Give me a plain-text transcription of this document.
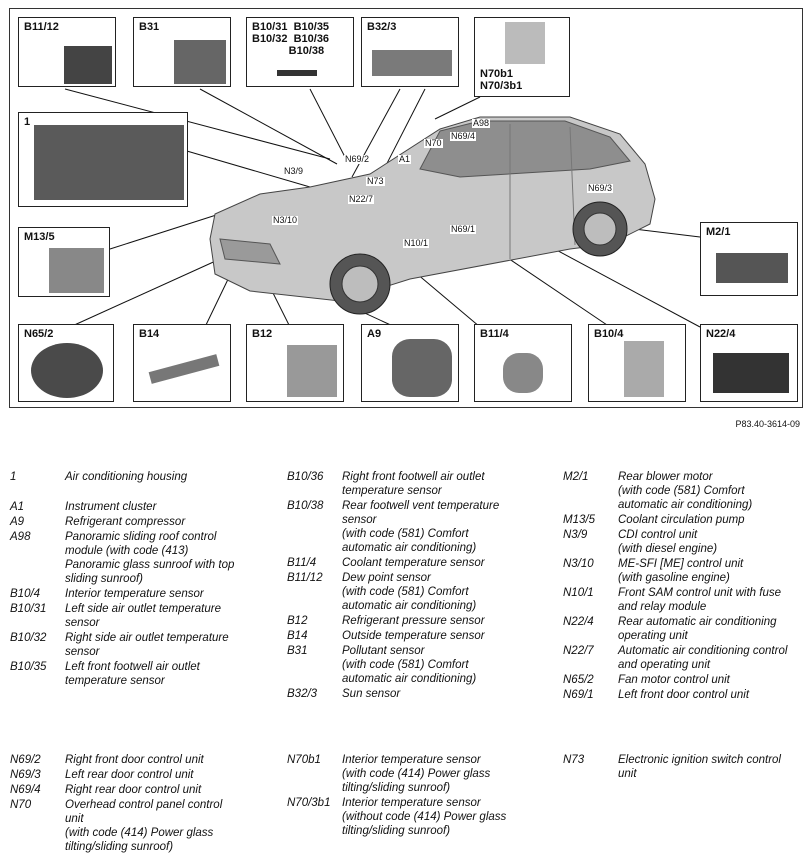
B11/12	B31	B10/31  B10/35
B10/32  B10/36
B10/38
B32/3
N70b1
N70/3b1
1
M13/5	M2/1
N65/2	B14	B12	A9	B11/4	B10/4	N22/4
A98
N69/4
N70
N69/2	A1
N3/9
N73
N22/7
N69/3
N3/10
N69/1
N10/1
P83.40-3614-09
1	Air conditioning housing
A1	Instrument cluster
A9	Refrigerant compressor
A98	Panoramic sliding roof control
module (with code (413)
Panoramic glass sunroof with top
sliding sunroof)
B10/4	Interior temperature sensor
B10/31	Left side air outlet temperature
sensor
B10/32	Right side air outlet temperature
sensor
B10/35	Left front footwell air outlet
temperature sensor
B10/36	Right front footwell air outlet
temperature sensor
B10/38	Rear footwell vent temperature
sensor
(with code (581) Comfort
automatic air conditioning)
B11/4	Coolant temperature sensor
B11/12	Dew point sensor
(with code (581) Comfort
automatic air conditioning)
B12	Refrigerant pressure sensor
B14	Outside temperature sensor
B31	Pollutant sensor
(with code (581) Comfort
automatic air conditioning)
B32/3	Sun sensor
M2/1	Rear blower motor
(with code (581) Comfort
automatic air conditioning)
M13/5	Coolant circulation pump
N3/9	CDI control unit
(with diesel engine)
N3/10	ME-SFI [ME] control unit
(with gasoline engine)
N10/1	Front SAM control unit with fuse
and relay module
N22/4	Rear automatic air conditioning
operating unit
N22/7	Automatic air conditioning control
and operating unit
N65/2	Fan motor control unit
N69/1	Left front door control unit
N69/2	Right front door control unit
N69/3	Left rear door control unit
N69/4	Right rear door control unit
N70	Overhead control panel control
unit
(with code (414) Power glass
tilting/sliding sunroof)
N70b1	Interior temperature sensor
(with code (414) Power glass
tilting/sliding sunroof)
N70/3b1	Interior temperature sensor
(without code (414) Power glass
tilting/sliding sunroof)
N73	Electronic ignition switch control
unit
